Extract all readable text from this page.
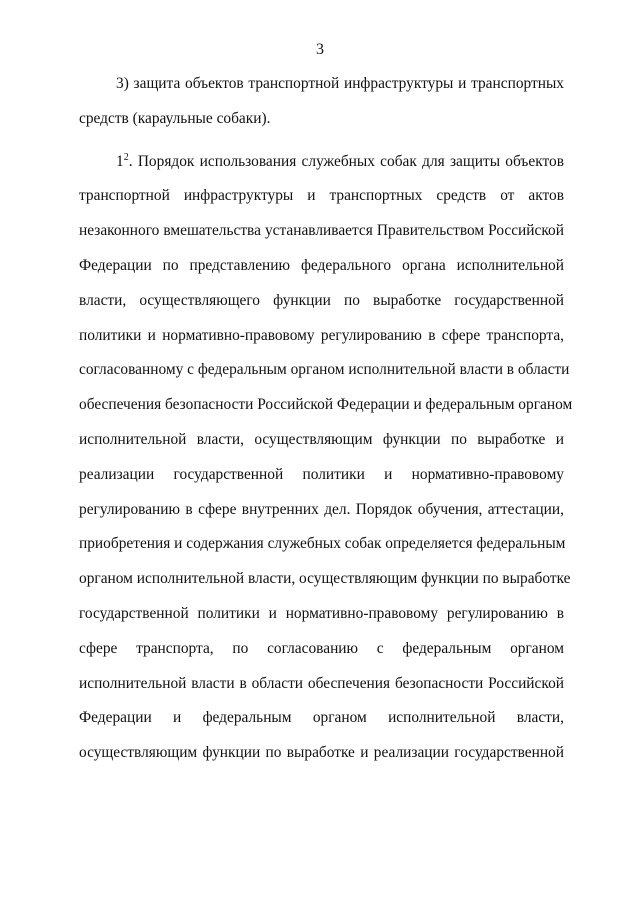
3
3) защита объектов транспортной инфраструктуры и транспортных
средств (караульные собаки).
$1^2$. Порядок использования служебных собак для защиты объектов
транспортной инфраструктуры и транспортных средств от актов
незаконного вмешательства устанавливается Правительством Российской
Федерации по представлению федерального органа исполнительной
власти, осуществляющего функции по выработке государственной
политики и нормативно-правовому регулированию в сфере транспорта,
согласованному с федеральным органом исполнительной власти в области
обеспечения безопасности Российской Федерации и федеральным органом
исполнительной власти, осуществляющим функции по выработке и
реализации государственной политики и нормативно-правовому
регулированию в сфере внутренних дел. Порядок обучения, аттестации,
приобретения и содержания служебных собак определяется федеральным
органом исполнительной власти, осуществляющим функции по выработке
государственной политики и нормативно-правовому регулированию в
сфере транспорта, по согласованию с федеральным органом
исполнительной власти в области обеспечения безопасности Российской
Федерации и федеральным органом исполнительной власти,
осуществляющим функции по выработке и реализации государственной
